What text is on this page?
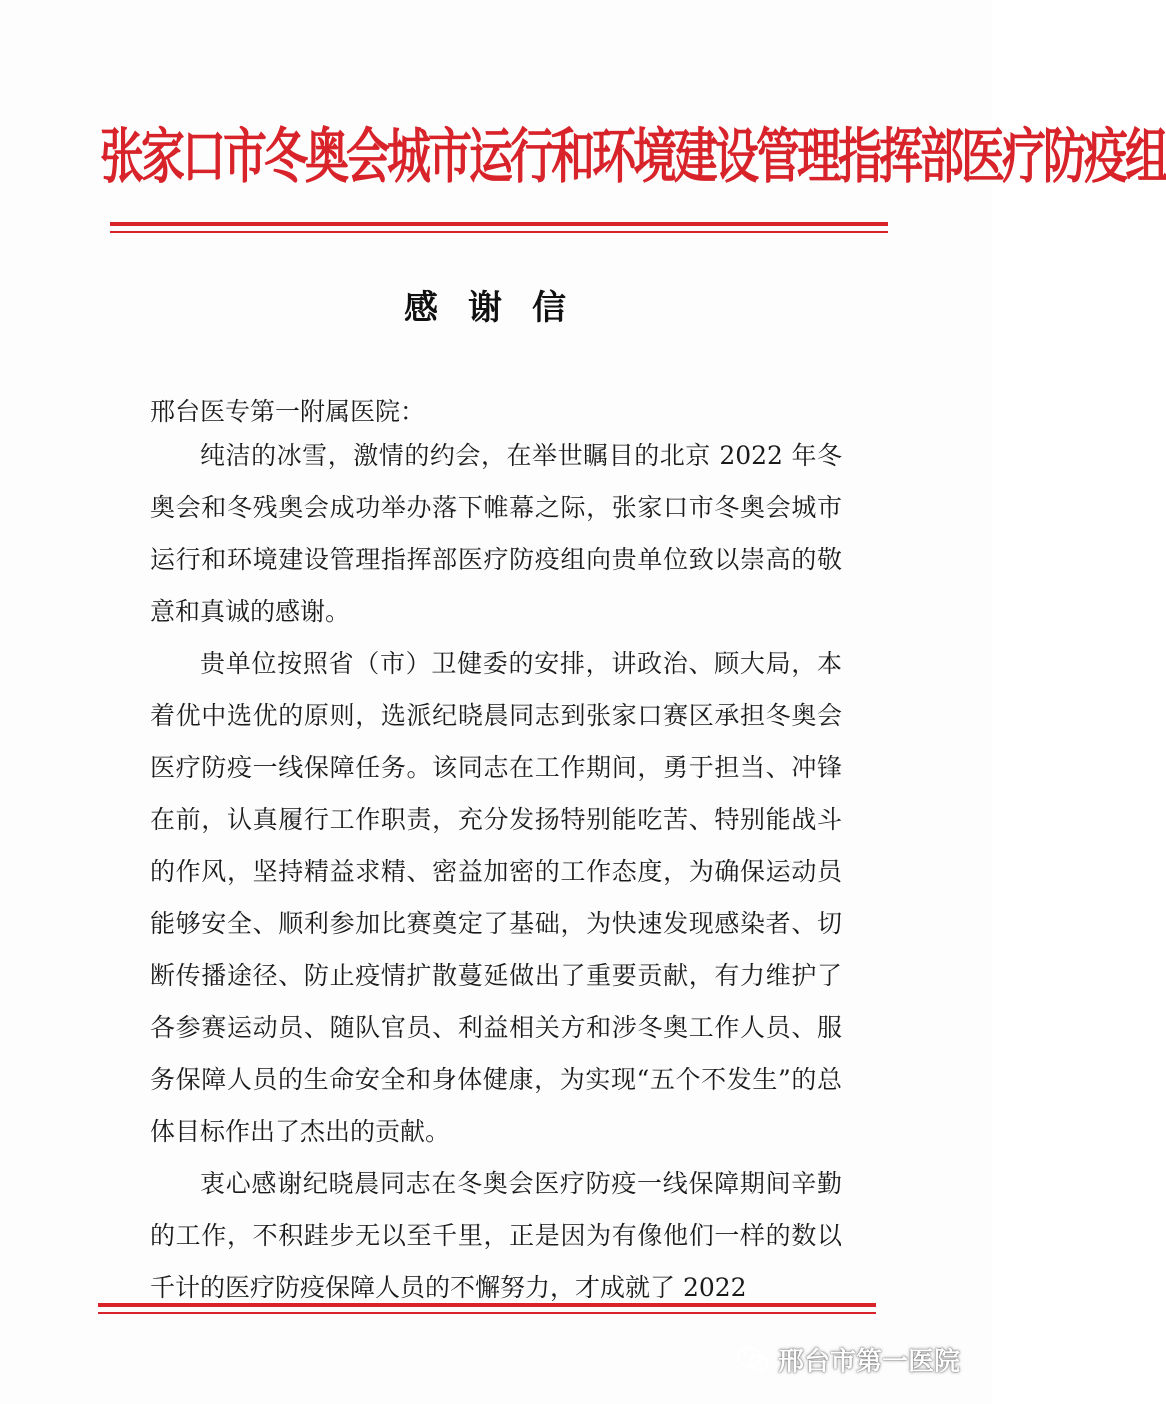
张家口市冬奥会城市运行和环境建设管理指挥部医疗防疫组
感谢信
邢台医专第一附属医院：

纯洁的冰雪，激情的约会，在举世瞩目的北京 2022 年冬奥会和冬残奥会成功举办落下帷幕之际，张家口市冬奥会城市运行和环境建设管理指挥部医疗防疫组向贵单位致以崇高的敬意和真诚的感谢。

贵单位按照省（市）卫健委的安排，讲政治、顾大局，本着优中选优的原则，选派纪晓晨同志到张家口赛区承担冬奥会医疗防疫一线保障任务。该同志在工作期间，勇于担当、冲锋在前，认真履行工作职责，充分发扬特别能吃苦、特别能战斗的作风，坚持精益求精、密益加密的工作态度，为确保运动员能够安全、顺利参加比赛奠定了基础，为快速发现感染者、切断传播途径、防止疫情扩散蔓延做出了重要贡献，有力维护了各参赛运动员、随队官员、利益相关方和涉冬奥工作人员、服务保障人员的生命安全和身体健康，为实现“五个不发生”的总体目标作出了杰出的贡献。

衷心感谢纪晓晨同志在冬奥会医疗防疫一线保障期间辛勤的工作，不积跬步无以至千里，正是因为有像他们一样的数以千计的医疗防疫保障人员的不懈努力，才成就了 2022

邢台市第一医院
